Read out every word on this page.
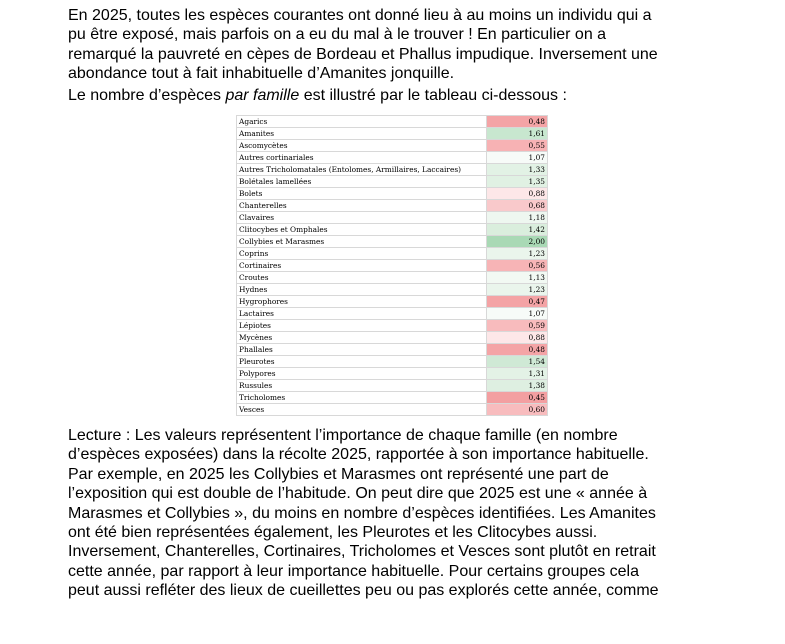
En 2025, toutes les espèces courantes ont donné lieu à au moins un individu qui a
pu être exposé, mais parfois on a eu du mal à le trouver ! En particulier on a
remarqué la pauvreté en cèpes de Bordeau et Phallus impudique. Inversement une
abondance tout à fait inhabituelle d’Amanites jonquille.
Le nombre d’espèces par famille est illustré par le tableau ci-dessous :
Agarics	0,48
Amanites	1,61
Ascomycètes	0,55
Autres cortinariales	1,07
Autres Tricholomatales (Entolomes, Armillaires, Laccaires)	1,33
Bolétales lamellées	1,35
Bolets	0,88
Chanterelles	0,68
Clavaires	1,18
Clitocybes et Omphales	1,42
Collybies et Marasmes	2,00
Coprins	1,23
Cortinaires	0,56
Croutes	1,13
Hydnes	1,23
Hygrophores	0,47
Lactaires	1,07
Lépiotes	0,59
Mycènes	0,88
Phallales	0,48
Pleurotes	1,54
Polypores	1,31
Russules	1,38
Tricholomes	0,45
Vesces	0,60
Lecture : Les valeurs représentent l’importance de chaque famille (en nombre
d’espèces exposées) dans la récolte 2025, rapportée à son importance habituelle.
Par exemple, en 2025 les Collybies et Marasmes ont représenté une part de
l’exposition qui est double de l’habitude. On peut dire que 2025 est une « année à
Marasmes et Collybies », du moins en nombre d’espèces identifiées. Les Amanites
ont été bien représentées également, les Pleurotes et les Clitocybes aussi.
Inversement, Chanterelles, Cortinaires, Tricholomes et Vesces sont plutôt en retrait
cette année, par rapport à leur importance habituelle. Pour certains groupes cela
peut aussi refléter des lieux de cueillettes peu ou pas explorés cette année, comme
